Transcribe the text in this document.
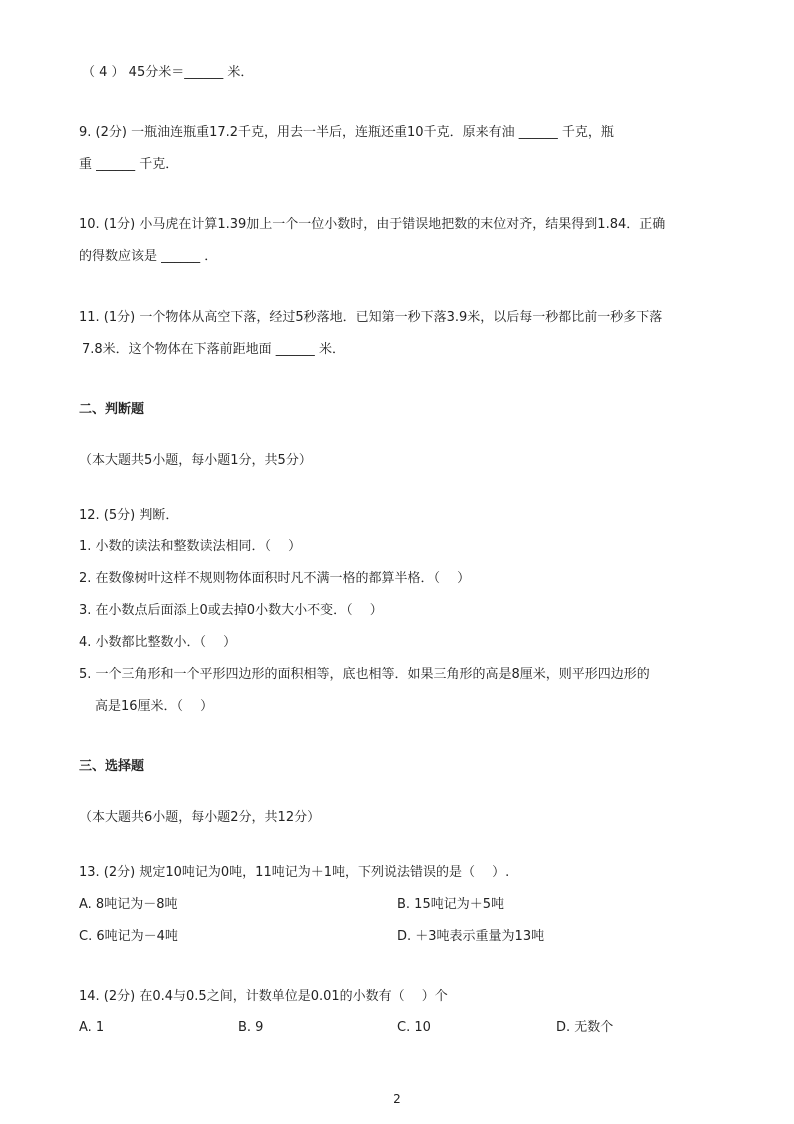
（ 4 ） 45分米＝______ 米．
9. (2分) 一瓶油连瓶重17.2千克，用去一半后，连瓶还重10千克．原来有油 ______ 千克，瓶
重 ______ 千克．
10. (1分) 小马虎在计算1.39加上一个一位小数时，由于错误地把数的末位对齐，结果得到1.84．正确
的得数应该是 ______ ．
11. (1分) 一个物体从高空下落，经过5秒落地．已知第一秒下落3.9米，以后每一秒都比前一秒多下落
7.8米．这个物体在下落前距地面 ______ 米．
二、判断题
（本大题共5小题，每小题1分，共5分）
12. (5分) 判断．
1. 小数的读法和整数读法相同．（　 ）
2. 在数像树叶这样不规则物体面积时凡不满一格的都算半格．（　 ）
3. 在小数点后面添上0或去掉0小数大小不变．（　 ）
4. 小数都比整数小．（　 ）
5. 一个三角形和一个平形四边形的面积相等，底也相等．如果三角形的高是8厘米，则平形四边形的
高是16厘米．（　 ）
三、选择题
（本大题共6小题，每小题2分，共12分）
13. (2分) 规定10吨记为0吨，11吨记为＋1吨，下列说法错误的是（　 ）.
A. 8吨记为－8吨	B. 15吨记为＋5吨
C. 6吨记为－4吨	D. ＋3吨表示重量为13吨
14. (2分) 在0.4与0.5之间，计数单位是0.01的小数有（　 ）个
A. 1	B. 9	C. 10	D. 无数个
2
